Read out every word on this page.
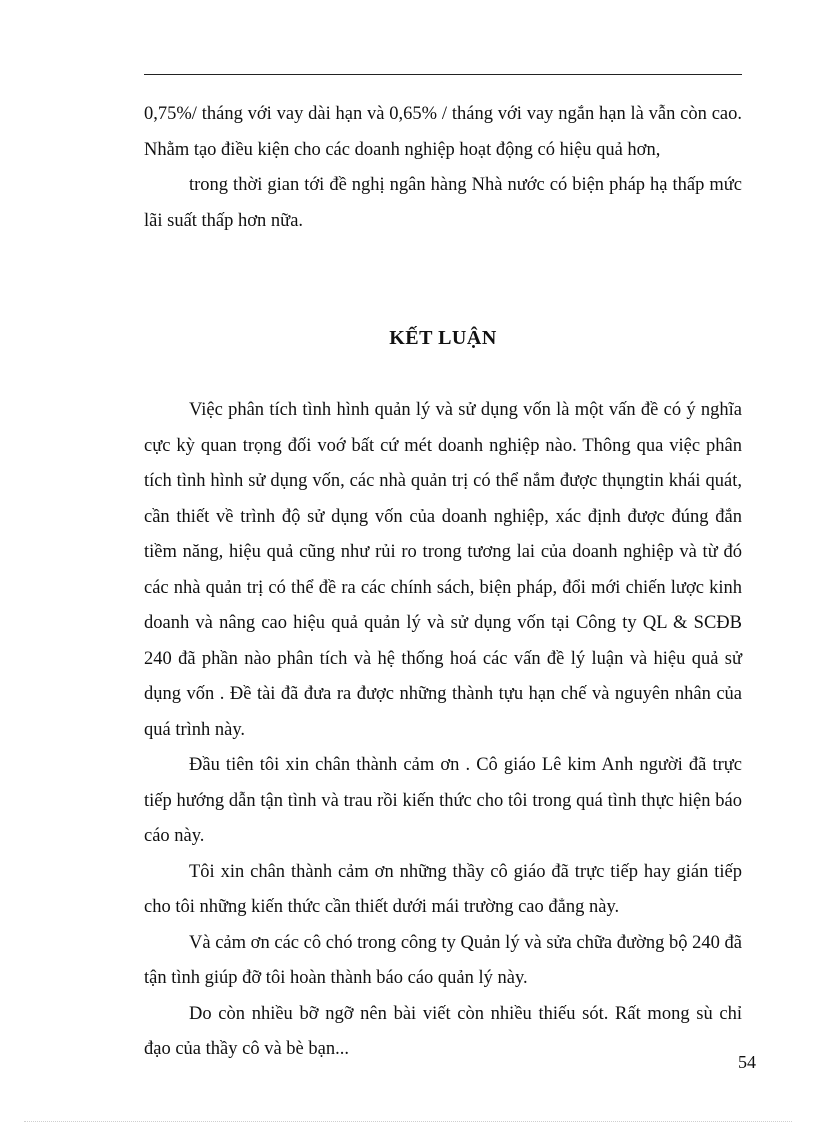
0,75%/ tháng với vay dài hạn và 0,65% / tháng với vay ngắn hạn là vẫn còn cao. Nhằm tạo điều kiện cho các doanh nghiệp hoạt động có hiệu quả hơn,

trong thời gian tới đề nghị ngân hàng Nhà nước có biện pháp hạ thấp mức lãi suất thấp hơn nữa.

KẾT LUẬN

Việc phân tích tình hình quản lý và sử dụng vốn là một vấn đề có ý nghĩa cực kỳ quan trọng đối voớ bất cứ mét doanh nghiệp nào. Thông qua việc phân tích tình hình sử dụng vốn, các nhà quản trị có thể nắm được thụngtin khái quát, cần thiết về trình độ sử dụng vốn của doanh nghiệp, xác định được đúng đắn tiềm năng, hiệu quả cũng như rủi ro trong tương lai của doanh nghiệp và từ đó các nhà quản trị có thể đề ra các chính sách, biện pháp, đổi mới chiến lược kinh doanh và nâng cao hiệu quả quản lý và sử dụng vốn tại Công ty QL & SCĐB 240 đã phần nào phân tích và hệ thống hoá các vấn đề lý luận và hiệu quả sử dụng vốn . Đề tài đã đưa ra được những thành tựu hạn chế và nguyên nhân của quá trình này.

Đầu tiên tôi xin chân thành cảm ơn . Cô giáo Lê kim Anh người đã trực tiếp hướng dẫn tận tình và trau rồi kiến thức cho tôi trong quá tình thực hiện báo cáo này.

Tôi xin chân thành cảm ơn những thầy cô giáo đã trực tiếp hay gián tiếp cho tôi những kiến thức cần thiết dưới mái trường cao đẳng này.

Và cảm ơn các cô chó trong công ty Quản lý và sửa chữa đường bộ 240 đã tận tình giúp đỡ tôi hoàn thành báo cáo quản lý này.

Do còn nhiều bỡ ngỡ nên bài viết còn nhiều thiếu sót. Rất mong sù chỉ đạo của thầy cô và bè bạn...

54
